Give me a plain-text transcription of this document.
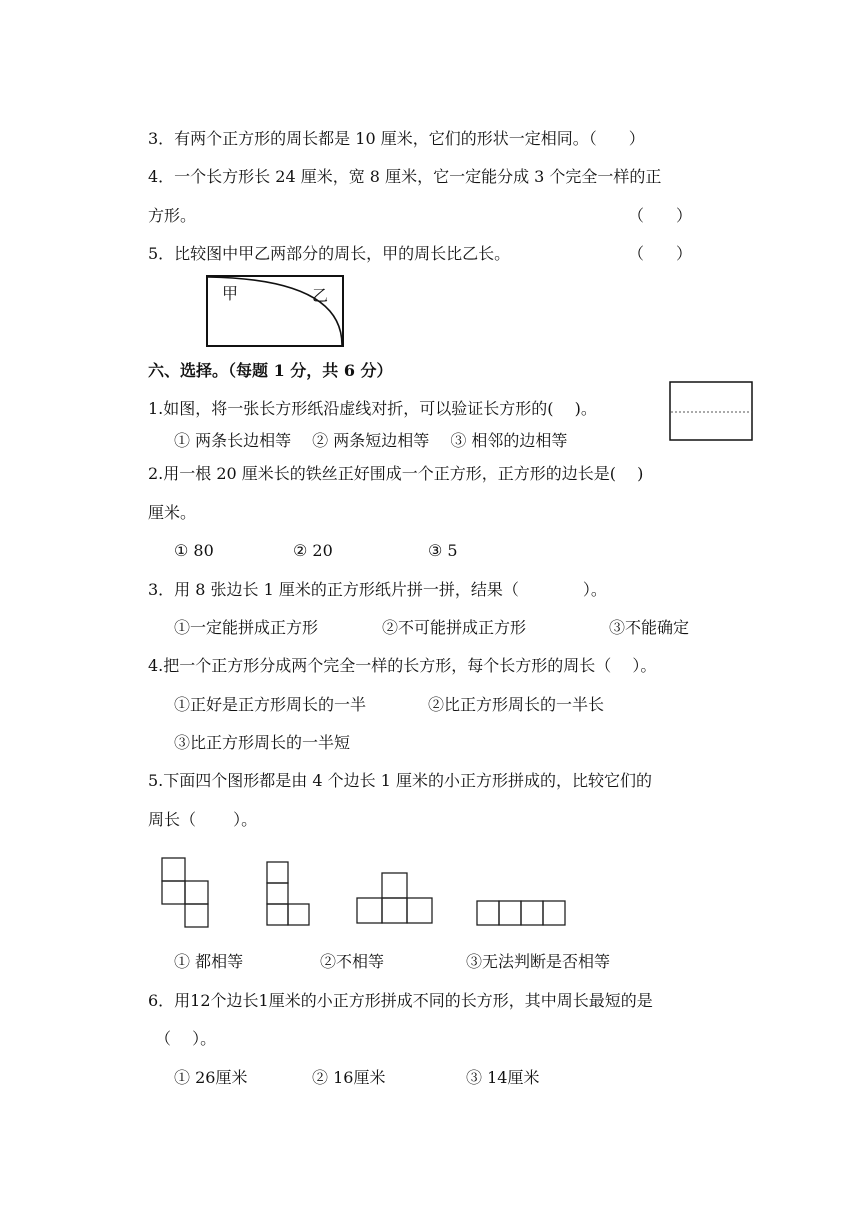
3．有两个正方形的周长都是 10 厘米，它们的形状一定相同。（　　）
4．一个长方形长 24 厘米，宽 8 厘米，它一定能分成 3 个完全一样的正
方形。	（　　）
5．比较图中甲乙两部分的周长，甲的周长比乙长。	（　　）
甲	乙
六、选择。（每题 1 分，共 6 分）
1.如图，将一张长方形纸沿虚线对折，可以验证长方形的(　 )。
① 两条长边相等　 ② 两条短边相等　 ③ 相邻的边相等
2.用一根 20 厘米长的铁丝正好围成一个正方形，正方形的边长是(　 )
厘米。
① 80	② 20	③ 5
3．用 8 张边长 1 厘米的正方形纸片拼一拼，结果（　　　　）。
①一定能拼成正方形	②不可能拼成正方形	③不能确定
4.把一个正方形分成两个完全一样的长方形，每个长方形的周长（　 ）。
①正好是正方形周长的一半	②比正方形周长的一半长
③比正方形周长的一半短
5.下面四个图形都是由 4 个边长 1 厘米的小正方形拼成的，比较它们的
周长（　　 ）。
① 都相等	②不相等	③无法判断是否相等
6．用12个边长1厘米的小正方形拼成不同的长方形，其中周长最短的是
（　 ）。
① 26厘米	② 16厘米	③ 14厘米
